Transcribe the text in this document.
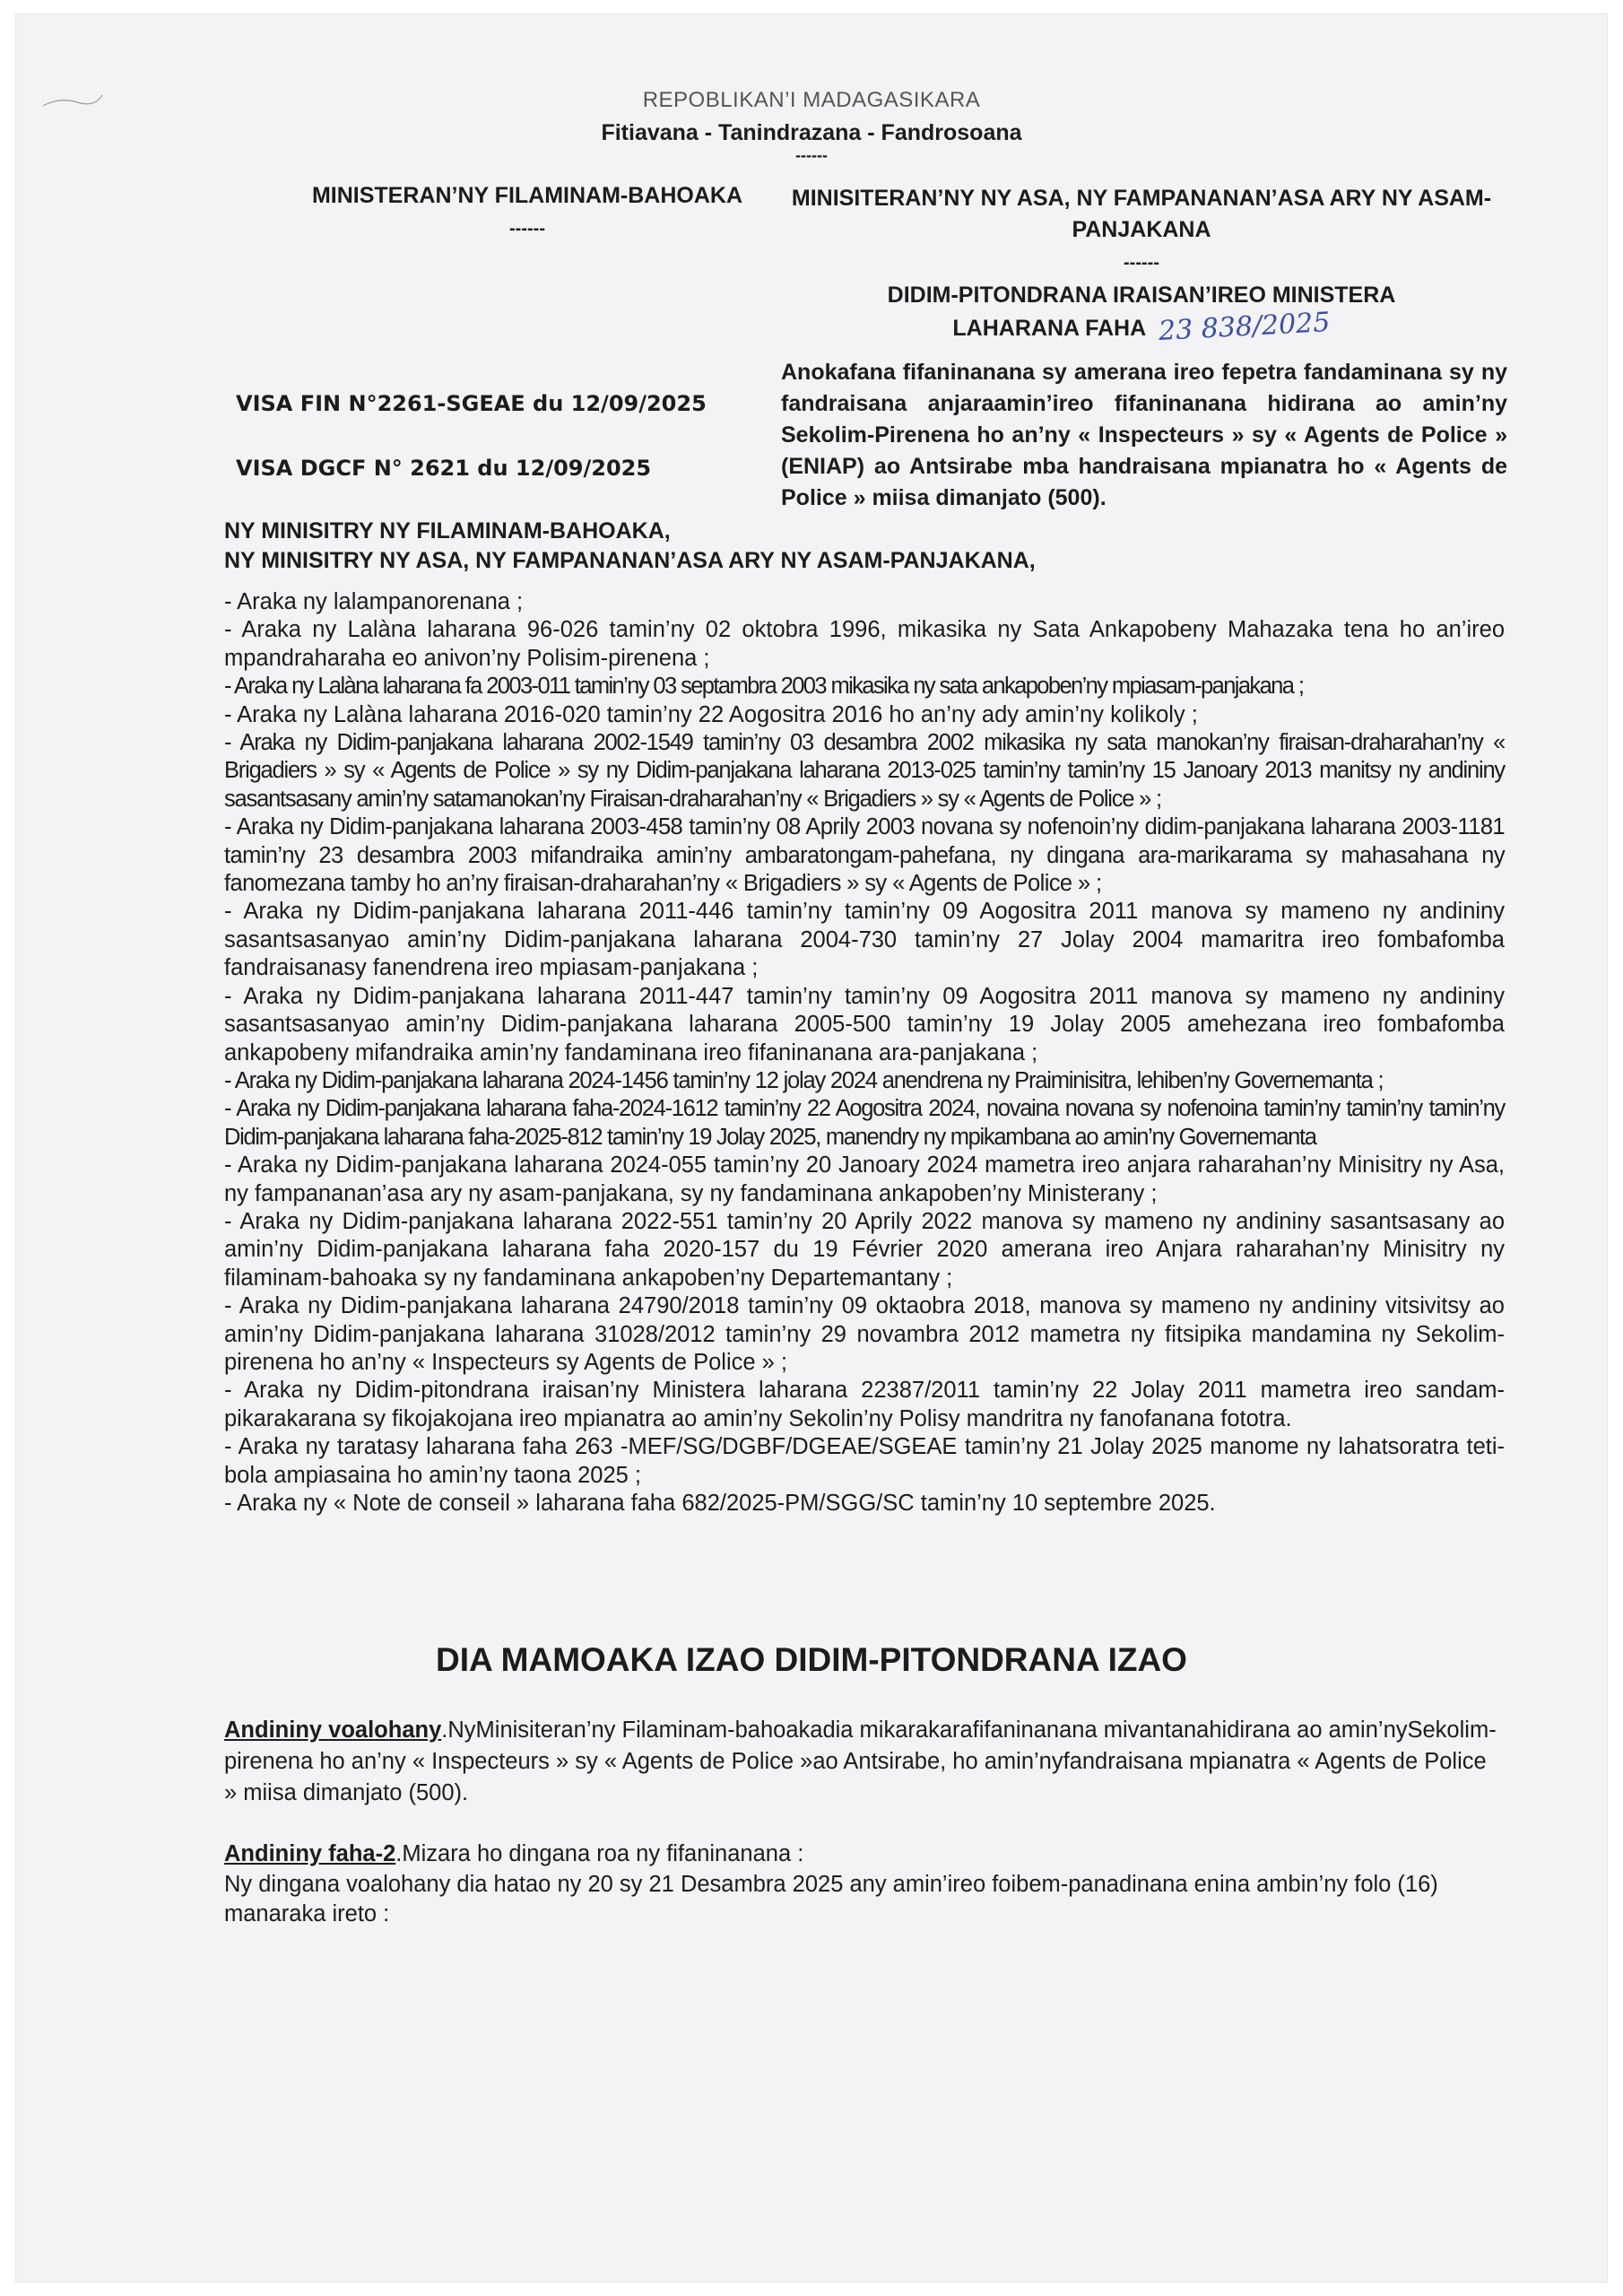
REPOBLIKAN’I MADAGASIKARA
Fitiavana - Tanindrazana - Fandrosoana
------
MINISTERAN’NY FILAMINAM-BAHOAKA
------
MINISITERAN’NY NY ASA, NY FAMPANANAN’ASA ARY NY ASAM-PANJAKANA
------
DIDIM-PITONDRANA IRAISAN’IREO MINISTERA
LAHARANA FAHA 23 838/2025
VISA FIN N°2261-SGEAE du 12/09/2025
VISA DGCF N° 2621 du 12/09/2025
Anokafana fifaninanana sy amerana ireo fepetra fandaminana sy ny fandraisana anjaraamin’ireo fifaninanana hidirana ao amin’ny Sekolim-Pirenena ho an’ny « Inspecteurs » sy « Agents de Police » (ENIAP) ao Antsirabe mba handraisana mpianatra ho « Agents de Police » miisa dimanjato (500).
NY MINISITRY NY FILAMINAM-BAHOAKA,
NY MINISITRY NY ASA, NY FAMPANANAN’ASA ARY NY ASAM-PANJAKANA,

- Araka ny lalampanorenana ;

- Araka ny Lalàna laharana 96-026 tamin’ny 02 oktobra 1996, mikasika ny Sata Ankapobeny Mahazaka tena ho an’ireo mpandraharaha eo anivon’ny Polisim-pirenena ;

- Araka ny Lalàna laharana fa 2003-011 tamin’ny 03 septambra 2003 mikasika ny sata ankapoben’ny mpiasam-panjakana ;

- Araka ny Lalàna laharana 2016-020 tamin’ny 22 Aogositra 2016 ho an’ny ady amin’ny kolikoly ;

- Araka ny Didim-panjakana laharana 2002-1549 tamin’ny 03 desambra 2002 mikasika ny sata manokan’ny firaisan-draharahan’ny « Brigadiers » sy « Agents de Police » sy ny Didim-panjakana laharana 2013-025 tamin’ny tamin’ny 15 Janoary 2013 manitsy ny andininy sasantsasany amin’ny satamanokan’ny Firaisan-draharahan’ny « Brigadiers » sy « Agents de Police » ;

- Araka ny Didim-panjakana laharana 2003-458 tamin’ny 08 Aprily 2003 novana sy nofenoin’ny didim-panjakana laharana 2003-1181 tamin’ny 23 desambra 2003 mifandraika amin’ny ambaratongam-pahefana, ny dingana ara-marikarama sy mahasahana ny fanomezana tamby ho an’ny firaisan-draharahan’ny « Brigadiers » sy « Agents de Police » ;

- Araka ny Didim-panjakana laharana 2011-446 tamin’ny tamin’ny 09 Aogositra 2011 manova sy mameno ny andininy sasantsasanyao amin’ny Didim-panjakana laharana 2004-730 tamin’ny 27 Jolay 2004 mamaritra ireo fombafomba fandraisanasy fanendrena ireo mpiasam-panjakana ;

- Araka ny Didim-panjakana laharana 2011-447 tamin’ny tamin’ny 09 Aogositra 2011 manova sy mameno ny andininy sasantsasanyao amin’ny Didim-panjakana laharana 2005-500 tamin’ny 19 Jolay 2005 amehezana ireo fombafomba ankapobeny mifandraika amin’ny fandaminana ireo fifaninanana ara-panjakana ;

- Araka ny Didim-panjakana laharana 2024-1456 tamin’ny 12 jolay 2024 anendrena ny Praiminisitra, lehiben’ny Governemanta ;

- Araka ny Didim-panjakana laharana faha-2024-1612 tamin’ny 22 Aogositra 2024, novaina novana sy nofenoina tamin’ny tamin’ny tamin’ny Didim-panjakana laharana faha-2025-812 tamin’ny 19 Jolay 2025, manendry ny mpikambana ao amin’ny Governemanta

- Araka ny Didim-panjakana laharana 2024-055 tamin’ny 20 Janoary 2024 mametra ireo anjara raharahan’ny Minisitry ny Asa, ny fampananan’asa ary ny asam-panjakana, sy ny fandaminana ankapoben’ny Ministerany ;

- Araka ny Didim-panjakana laharana 2022-551 tamin’ny 20 Aprily 2022 manova sy mameno ny andininy sasantsasany ao amin’ny Didim-panjakana laharana faha 2020-157 du 19 Février 2020 amerana ireo Anjara raharahan’ny Minisitry ny filaminam-bahoaka sy ny fandaminana ankapoben’ny Departemantany ;

- Araka ny Didim-panjakana laharana 24790/2018 tamin’ny 09 oktaobra 2018, manova sy mameno ny andininy vitsivitsy ao amin’ny Didim-panjakana laharana 31028/2012 tamin’ny 29 novambra 2012 mametra ny fitsipika mandamina ny Sekolim-pirenena ho an’ny « Inspecteurs sy Agents de Police » ;

- Araka ny Didim-pitondrana iraisan’ny Ministera laharana 22387/2011 tamin’ny 22 Jolay 2011 mametra ireo sandam-pikarakarana sy fikojakojana ireo mpianatra ao amin’ny Sekolin’ny Polisy mandritra ny fanofanana fototra.

- Araka ny taratasy laharana faha 263 -MEF/SG/DGBF/DGEAE/SGEAE tamin’ny 21 Jolay 2025 manome ny lahatsoratra teti-bola ampiasaina ho amin’ny taona 2025 ;

- Araka ny « Note de conseil » laharana faha 682/2025-PM/SGG/SC tamin’ny 10 septembre 2025.

DIA MAMOAKA IZAO DIDIM-PITONDRANA IZAO

Andininy voalohany.NyMinisiteran’ny Filaminam-bahoakadia mikarakarafifaninanana mivantanahidirana ao amin’nySekolim-pirenena ho an’ny « Inspecteurs » sy « Agents de Police »ao Antsirabe, ho amin’nyfandraisana mpianatra « Agents de Police » miisa dimanjato (500).

Andininy faha-2.Mizara ho dingana roa ny fifaninanana :

Ny dingana voalohany dia hatao ny 20 sy 21 Desambra 2025 any amin’ireo foibem-panadinana enina ambin’ny folo (16) manaraka ireto :
